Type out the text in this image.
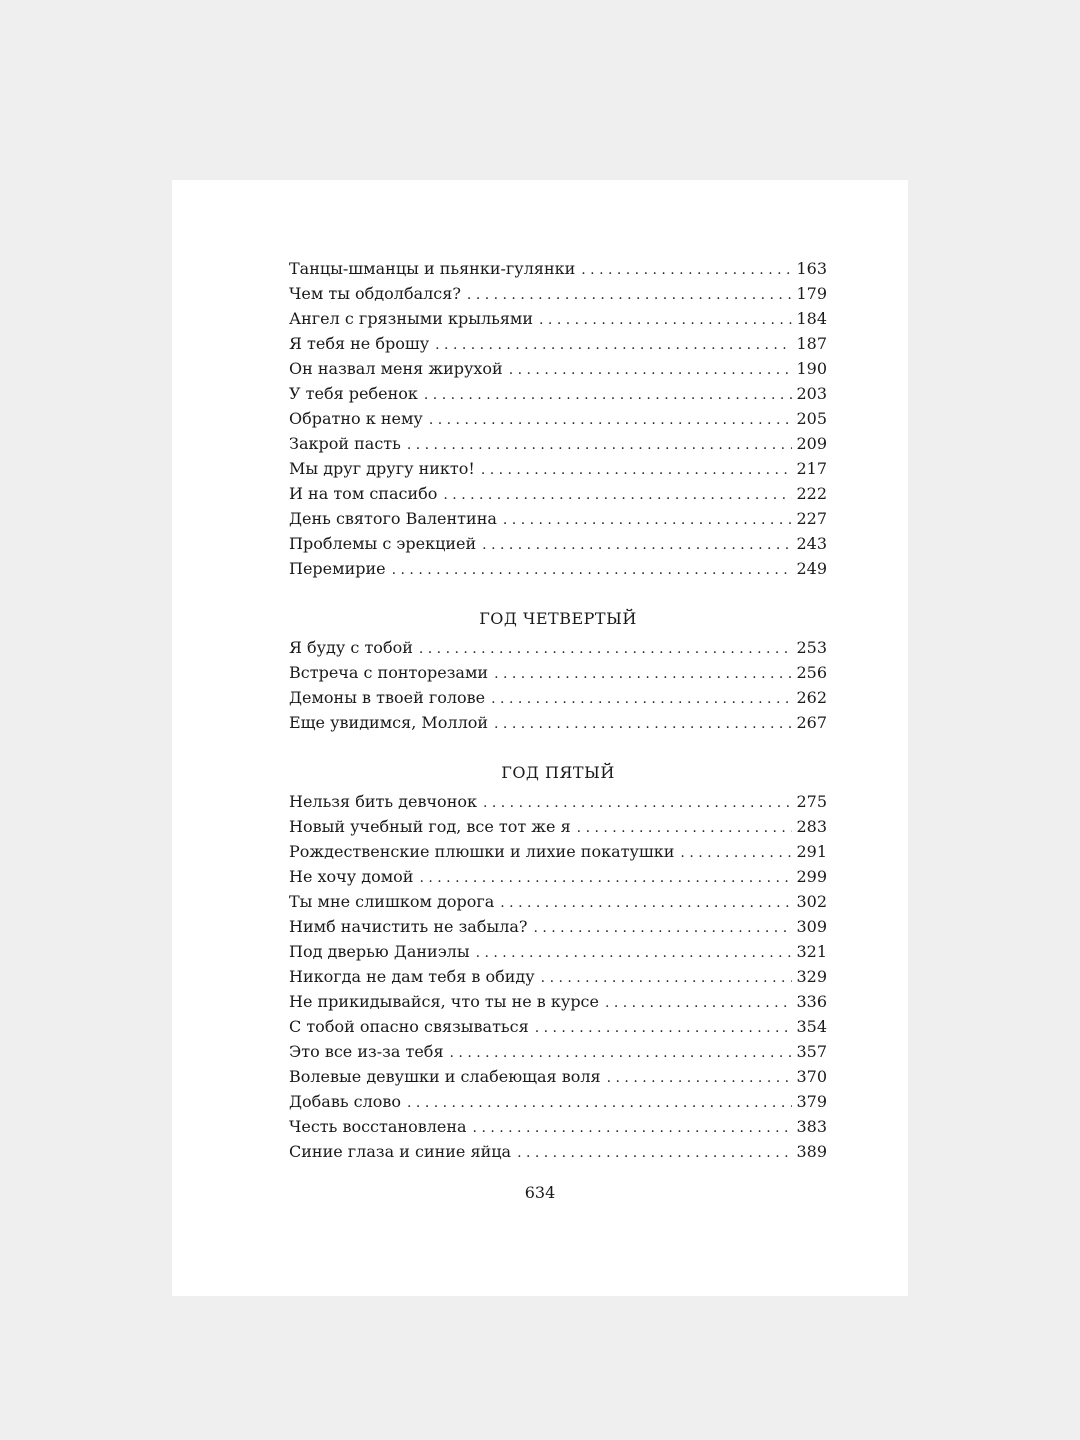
Танцы-шманцы и пьянки-гулянки . . .	163
Чем ты обдолбался? . . .	179
Ангел с грязными крыльями . . .	184
Я тебя не брошу . . .	187
Он назвал меня жирухой . . .	190
У тебя ребенок . . .	203
Обратно к нему . . .	205
Закрой пасть . . .	209
Мы друг другу никто! . . .	217
И на том спасибо . . .	222
День святого Валентина . . .	227
Проблемы с эрекцией . . .	243
Перемирие . . .	249
ГОД ЧЕТВЕРТЫЙ
Я буду с тобой . . .	253
Встреча с понторезами . . .	256
Демоны в твоей голове . . .	262
Еще увидимся, Моллой . . .	267
ГОД ПЯТЫЙ
Нельзя бить девчонок . . .	275
Новый учебный год, все тот же я . . .	283
Рождественские плюшки и лихие покатушки . . .	291
Не хочу домой . . .	299
Ты мне слишком дорога . . .	302
Нимб начистить не забыла? . . .	309
Под дверью Даниэлы . . .	321
Никогда не дам тебя в обиду . . .	329
Не прикидывайся, что ты не в курсе . . .	336
С тобой опасно связываться . . .	354
Это все из-за тебя . . .	357
Волевые девушки и слабеющая воля . . .	370
Добавь слово . . .	379
Честь восстановлена . . .	383
Синие глаза и синие яйца . . .	389
634
